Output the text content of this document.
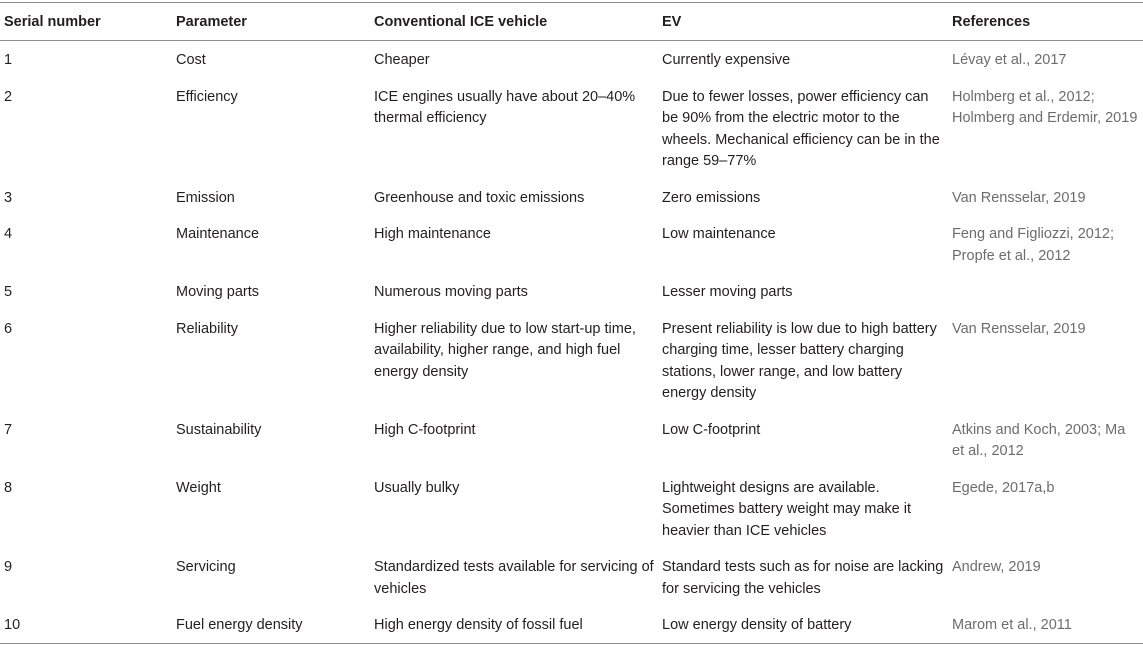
Serial number	Parameter	Conventional ICE vehicle	EV	References
1	Cost	Cheaper	Currently expensive	Lévay et al., 2017
2	Efficiency	ICE engines usually have about 20–40% thermal efficiency	Due to fewer losses, power efficiency can be 90% from the electric motor to the wheels. Mechanical efficiency can be in the range 59–77%	Holmberg et al., 2012; Holmberg and Erdemir, 2019
3	Emission	Greenhouse and toxic emissions	Zero emissions	Van Rensselar, 2019
4	Maintenance	High maintenance	Low maintenance	Feng and Figliozzi, 2012; Propfe et al., 2012
5	Moving parts	Numerous moving parts	Lesser moving parts	
6	Reliability	Higher reliability due to low start-up time, availability, higher range, and high fuel energy density	Present reliability is low due to high battery charging time, lesser battery charging stations, lower range, and low battery energy density	Van Rensselar, 2019
7	Sustainability	High C-footprint	Low C-footprint	Atkins and Koch, 2003; Ma et al., 2012
8	Weight	Usually bulky	Lightweight designs are available. Sometimes battery weight may make it heavier than ICE vehicles	Egede, 2017a,b
9	Servicing	Standardized tests available for servicing of vehicles	Standard tests such as for noise are lacking for servicing the vehicles	Andrew, 2019
10	Fuel energy density	High energy density of fossil fuel	Low energy density of battery	Marom et al., 2011
